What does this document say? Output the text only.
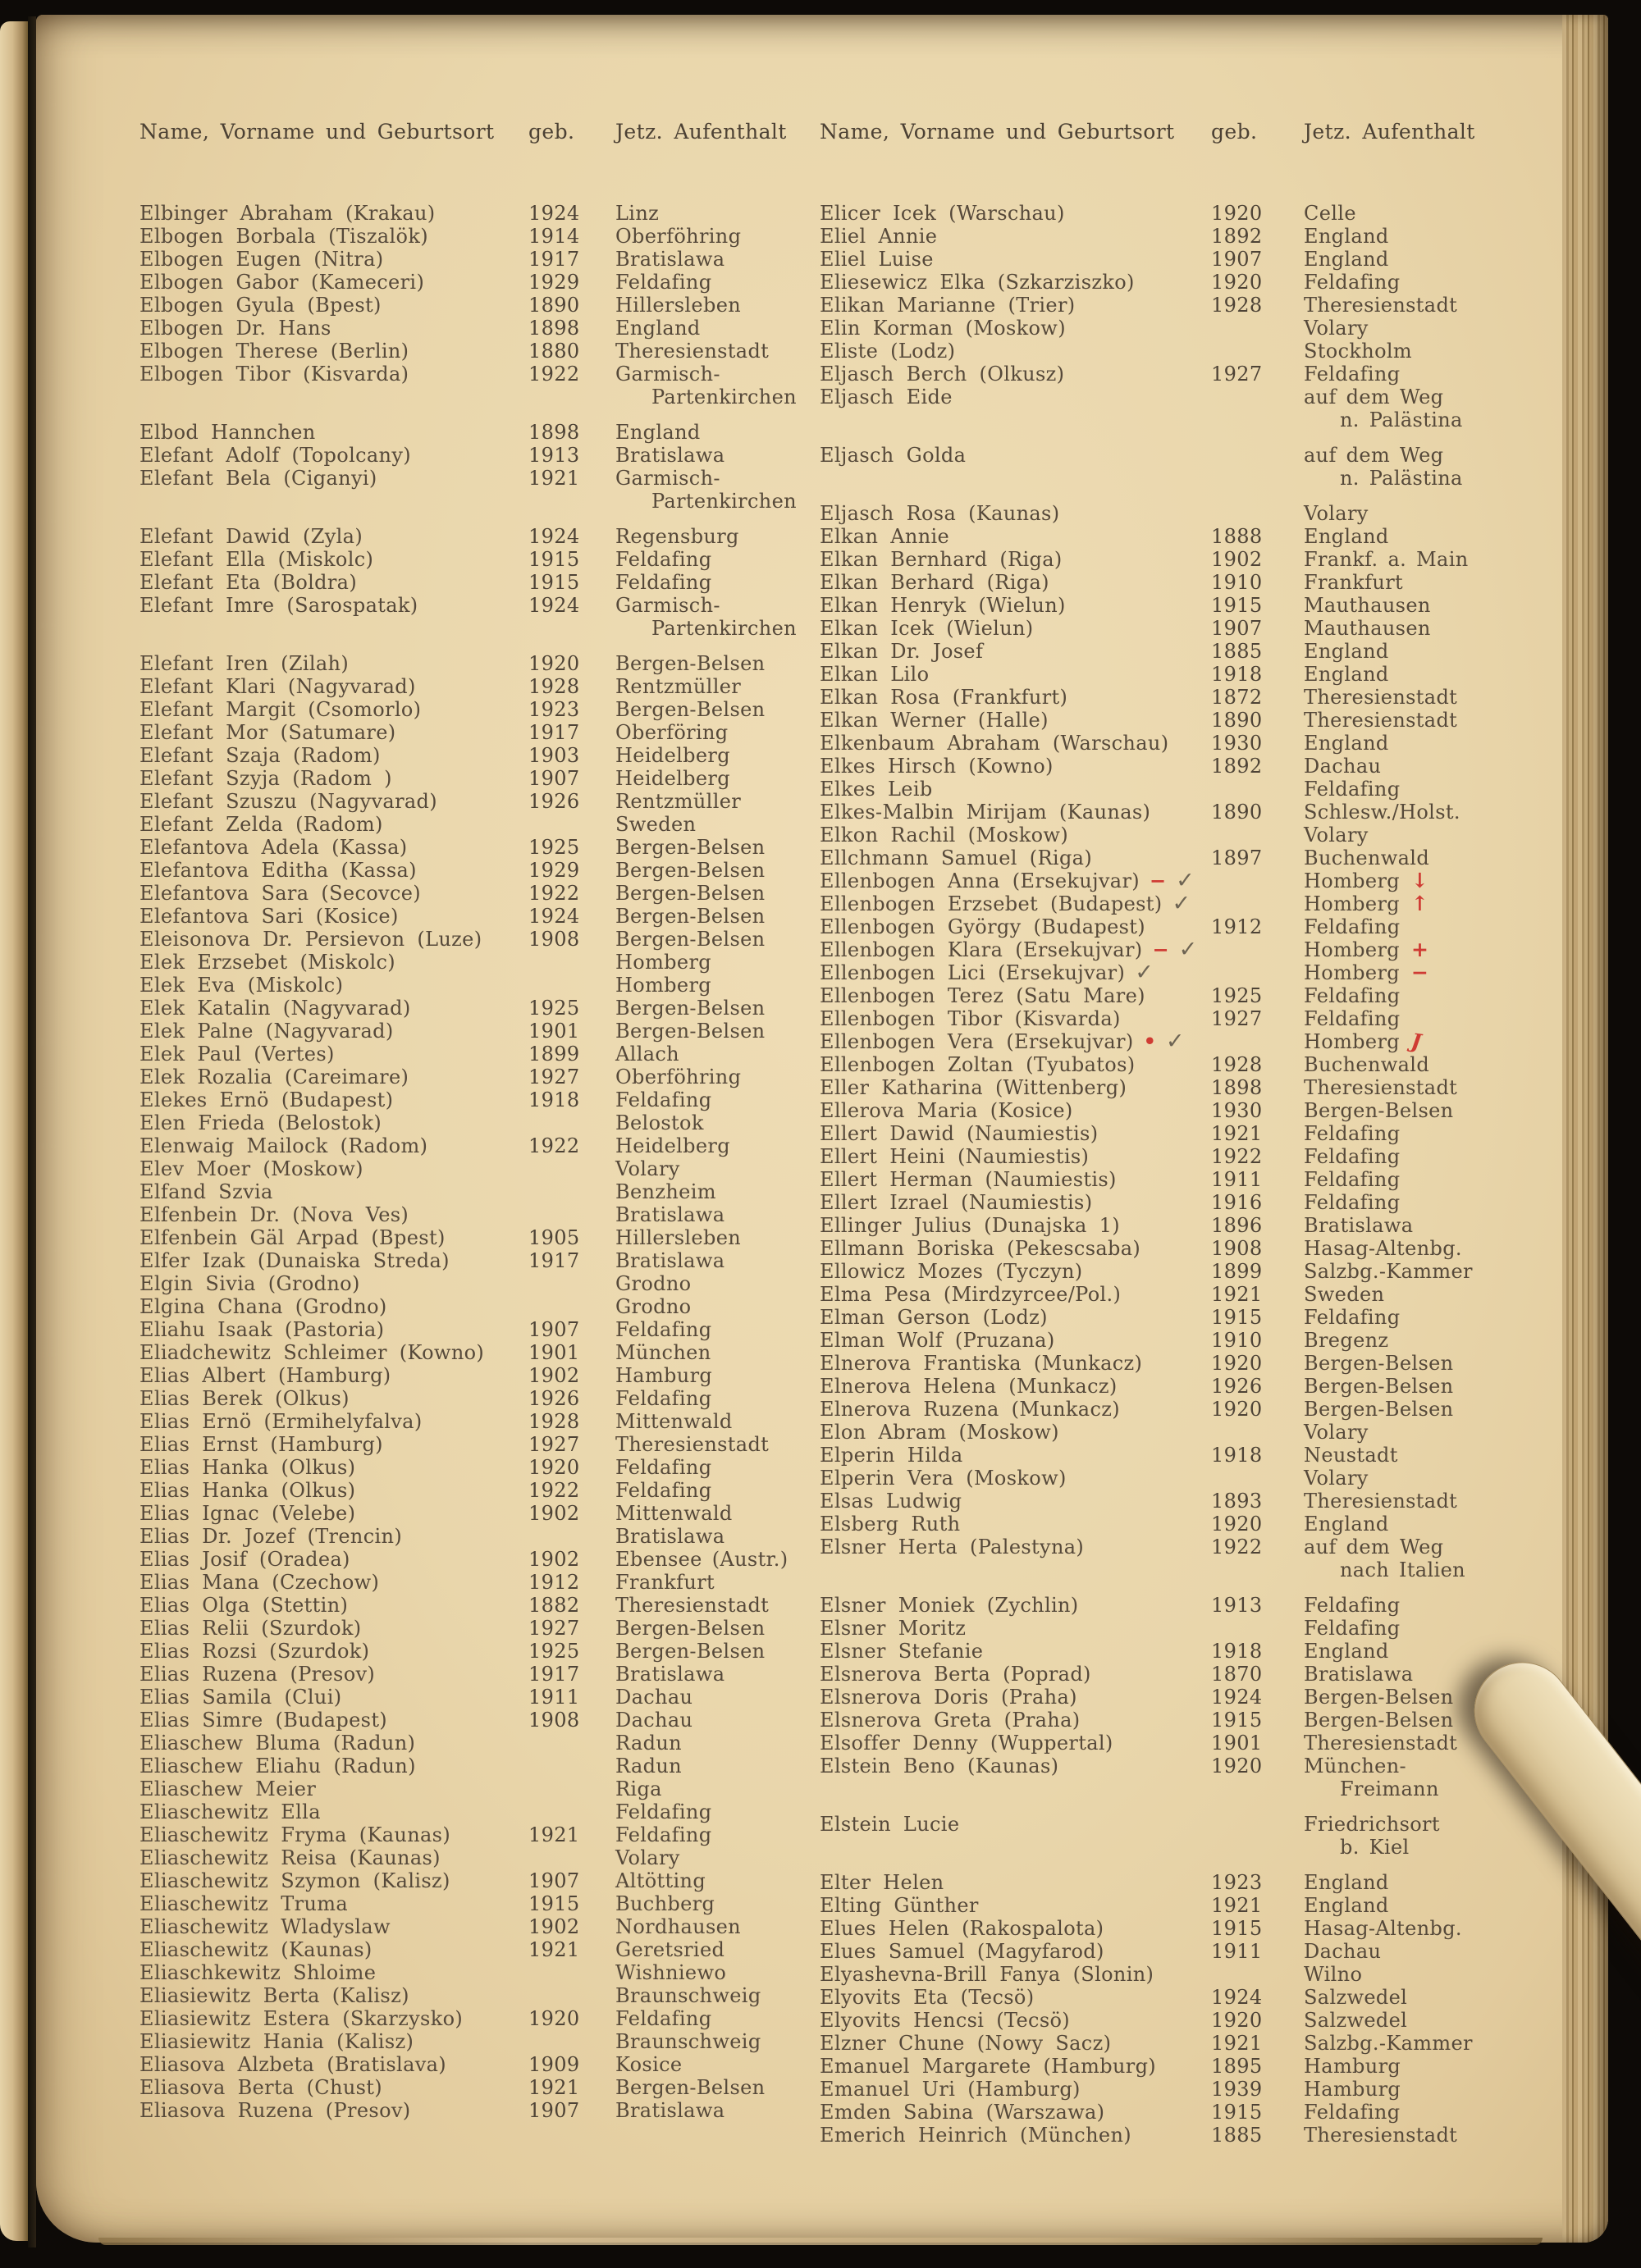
Name, Vorname und Geburtsort	geb.	Jetz. Aufenthalt Name, Vorname und Geburtsort	geb.	Jetz. Aufenthalt
Elbinger Abraham (Krakau)	1924	Linz
Elbogen Borbala (Tiszalök)	1914	Oberföhring
Elbogen Eugen (Nitra)	1917	Bratislawa
Elbogen Gabor (Kameceri)	1929	Feldafing
Elbogen Gyula (Bpest)	1890	Hillersleben
Elbogen Dr. Hans	1898	England
Elbogen Therese (Berlin)	1880	Theresienstadt
Elbogen Tibor (Kisvarda)	1922	Garmisch-
Partenkirchen
Elbod Hannchen	1898	England
Elefant Adolf (Topolcany)	1913	Bratislawa
Elefant Bela (Ciganyi)	1921	Garmisch-
Partenkirchen
Elefant Dawid (Zyla)	1924	Regensburg
Elefant Ella (Miskolc)	1915	Feldafing
Elefant Eta (Boldra)	1915	Feldafing
Elefant Imre (Sarospatak)	1924	Garmisch-
Partenkirchen
Elefant Iren (Zilah)	1920	Bergen-Belsen
Elefant Klari (Nagyvarad)	1928	Rentzmüller
Elefant Margit (Csomorlo)	1923	Bergen-Belsen
Elefant Mor (Satumare)	1917	Oberföring
Elefant Szaja (Radom)	1903	Heidelberg
Elefant Szyja (Radom )	1907	Heidelberg
Elefant Szuszu (Nagyvarad)	1926	Rentzmüller
Elefant Zelda (Radom)	Sweden
Elefantova Adela (Kassa)	1925	Bergen-Belsen
Elefantova Editha (Kassa)	1929	Bergen-Belsen
Elefantova Sara (Secovce)	1922	Bergen-Belsen
Elefantova Sari (Kosice)	1924	Bergen-Belsen
Eleisonova Dr. Persievon (Luze)	1908	Bergen-Belsen
Elek Erzsebet (Miskolc)	Homberg
Elek Eva (Miskolc)	Homberg
Elek Katalin (Nagyvarad)	1925	Bergen-Belsen
Elek Palne (Nagyvarad)	1901	Bergen-Belsen
Elek Paul (Vertes)	1899	Allach
Elek Rozalia (Careimare)	1927	Oberföhring
Elekes Ernö (Budapest)	1918	Feldafing
Elen Frieda (Belostok)	Belostok
Elenwaig Mailock (Radom)	1922	Heidelberg
Elev Moer (Moskow)	Volary
Elfand Szvia	Benzheim
Elfenbein Dr. (Nova Ves)	Bratislawa
Elfenbein Gäl Arpad (Bpest)	1905	Hillersleben
Elfer Izak (Dunaiska Streda)	1917	Bratislawa
Elgin Sivia (Grodno)	Grodno
Elgina Chana (Grodno)	Grodno
Eliahu Isaak (Pastoria)	1907	Feldafing
Eliadchewitz Schleimer (Kowno)	1901	München
Elias Albert (Hamburg)	1902	Hamburg
Elias Berek (Olkus)	1926	Feldafing
Elias Ernö (Ermihelyfalva)	1928	Mittenwald
Elias Ernst (Hamburg)	1927	Theresienstadt
Elias Hanka (Olkus)	1920	Feldafing
Elias Hanka (Olkus)	1922	Feldafing
Elias Ignac (Velebe)	1902	Mittenwald
Elias Dr. Jozef (Trencin)	Bratislawa
Elias Josif (Oradea)	1902	Ebensee (Austr.)
Elias Mana (Czechow)	1912	Frankfurt
Elias Olga (Stettin)	1882	Theresienstadt
Elias Relii (Szurdok)	1927	Bergen-Belsen
Elias Rozsi (Szurdok)	1925	Bergen-Belsen
Elias Ruzena (Presov)	1917	Bratislawa
Elias Samila (Clui)	1911	Dachau
Elias Simre (Budapest)	1908	Dachau
Eliaschew Bluma (Radun)	Radun
Eliaschew Eliahu (Radun)	Radun
Eliaschew Meier	Riga
Eliaschewitz Ella	Feldafing
Eliaschewitz Fryma (Kaunas)	1921	Feldafing
Eliaschewitz Reisa (Kaunas)	Volary
Eliaschewitz Szymon (Kalisz)	1907	Altötting
Eliaschewitz Truma	1915	Buchberg
Eliaschewitz Wladyslaw	1902	Nordhausen
Eliaschewitz (Kaunas)	1921	Geretsried
Eliaschkewitz Shloime	Wishniewo
Eliasiewitz Berta (Kalisz)	Braunschweig
Eliasiewitz Estera (Skarzysko)	1920	Feldafing
Eliasiewitz Hania (Kalisz)	Braunschweig
Eliasova Alzbeta (Bratislava)	1909	Kosice
Eliasova Berta (Chust)	1921	Bergen-Belsen
Eliasova Ruzena (Presov)	1907	Bratislawa
Elicer Icek (Warschau)	1920	Celle
Eliel Annie	1892	England
Eliel Luise	1907	England
Eliesewicz Elka (Szkarziszko)	1920	Feldafing
Elikan Marianne (Trier)	1928	Theresienstadt
Elin Korman (Moskow)	Volary
Eliste (Lodz)	Stockholm
Eljasch Berch (Olkusz)	1927	Feldafing
Eljasch Eide	auf dem Weg
n. Palästina
Eljasch Golda	auf dem Weg
n. Palästina
Eljasch Rosa (Kaunas)	Volary
Elkan Annie	1888	England
Elkan Bernhard (Riga)	1902	Frankf. a. Main
Elkan Berhard (Riga)	1910	Frankfurt
Elkan Henryk (Wielun)	1915	Mauthausen
Elkan Icek (Wielun)	1907	Mauthausen
Elkan Dr. Josef	1885	England
Elkan Lilo	1918	England
Elkan Rosa (Frankfurt)	1872	Theresienstadt
Elkan Werner (Halle)	1890	Theresienstadt
Elkenbaum Abraham (Warschau)	1930	England
Elkes Hirsch (Kowno)	1892	Dachau
Elkes Leib	Feldafing
Elkes-Malbin Mirijam (Kaunas)	1890	Schlesw./Holst.
Elkon Rachil (Moskow)	Volary
Ellchmann Samuel (Riga)	1897	Buchenwald
Ellenbogen Anna (Ersekujvar) − ✓	Homberg ↓
Ellenbogen Erzsebet (Budapest) ✓	Homberg ↑
Ellenbogen György (Budapest)	1912	Feldafing
Ellenbogen Klara (Ersekujvar) − ✓	Homberg +
Ellenbogen Lici (Ersekujvar) ✓	Homberg −
Ellenbogen Terez (Satu Mare)	1925	Feldafing
Ellenbogen Tibor (Kisvarda)	1927	Feldafing
Ellenbogen Vera (Ersekujvar) • ✓	Homberg J
Ellenbogen Zoltan (Tyubatos)	1928	Buchenwald
Eller Katharina (Wittenberg)	1898	Theresienstadt
Ellerova Maria (Kosice)	1930	Bergen-Belsen
Ellert Dawid (Naumiestis)	1921	Feldafing
Ellert Heini (Naumiestis)	1922	Feldafing
Ellert Herman (Naumiestis)	1911	Feldafing
Ellert Izrael (Naumiestis)	1916	Feldafing
Ellinger Julius (Dunajska 1)	1896	Bratislawa
Ellmann Boriska (Pekescsaba)	1908	Hasag-Altenbg.
Ellowicz Mozes (Tyczyn)	1899	Salzbg.-Kammer
Elma Pesa (Mirdzyrcee/Pol.)	1921	Sweden
Elman Gerson (Lodz)	1915	Feldafing
Elman Wolf (Pruzana)	1910	Bregenz
Elnerova Frantiska (Munkacz)	1920	Bergen-Belsen
Elnerova Helena (Munkacz)	1926	Bergen-Belsen
Elnerova Ruzena (Munkacz)	1920	Bergen-Belsen
Elon Abram (Moskow)	Volary
Elperin Hilda	1918	Neustadt
Elperin Vera (Moskow)	Volary
Elsas Ludwig	1893	Theresienstadt
Elsberg Ruth	1920	England
Elsner Herta (Palestyna)	1922	auf dem Weg
nach Italien
Elsner Moniek (Zychlin)	1913	Feldafing
Elsner Moritz	Feldafing
Elsner Stefanie	1918	England
Elsnerova Berta (Poprad)	1870	Bratislawa
Elsnerova Doris (Praha)	1924	Bergen-Belsen
Elsnerova Greta (Praha)	1915	Bergen-Belsen
Elsoffer Denny (Wuppertal)	1901	Theresienstadt
Elstein Beno (Kaunas)	1920	München-
Freimann
Elstein Lucie	Friedrichsort
b. Kiel
Elter Helen	1923	England
Elting Günther	1921	England
Elues Helen (Rakospalota)	1915	Hasag-Altenbg.
Elues Samuel (Magyfarod)	1911	Dachau
Elyashevna-Brill Fanya (Slonin)	Wilno
Elyovits Eta (Tecsö)	1924	Salzwedel
Elyovits Hencsi (Tecsö)	1920	Salzwedel
Elzner Chune (Nowy Sacz)	1921	Salzbg.-Kammer
Emanuel Margarete (Hamburg)	1895	Hamburg
Emanuel Uri (Hamburg)	1939	Hamburg
Emden Sabina (Warszawa)	1915	Feldafing
Emerich Heinrich (München)	1885	Theresienstadt
